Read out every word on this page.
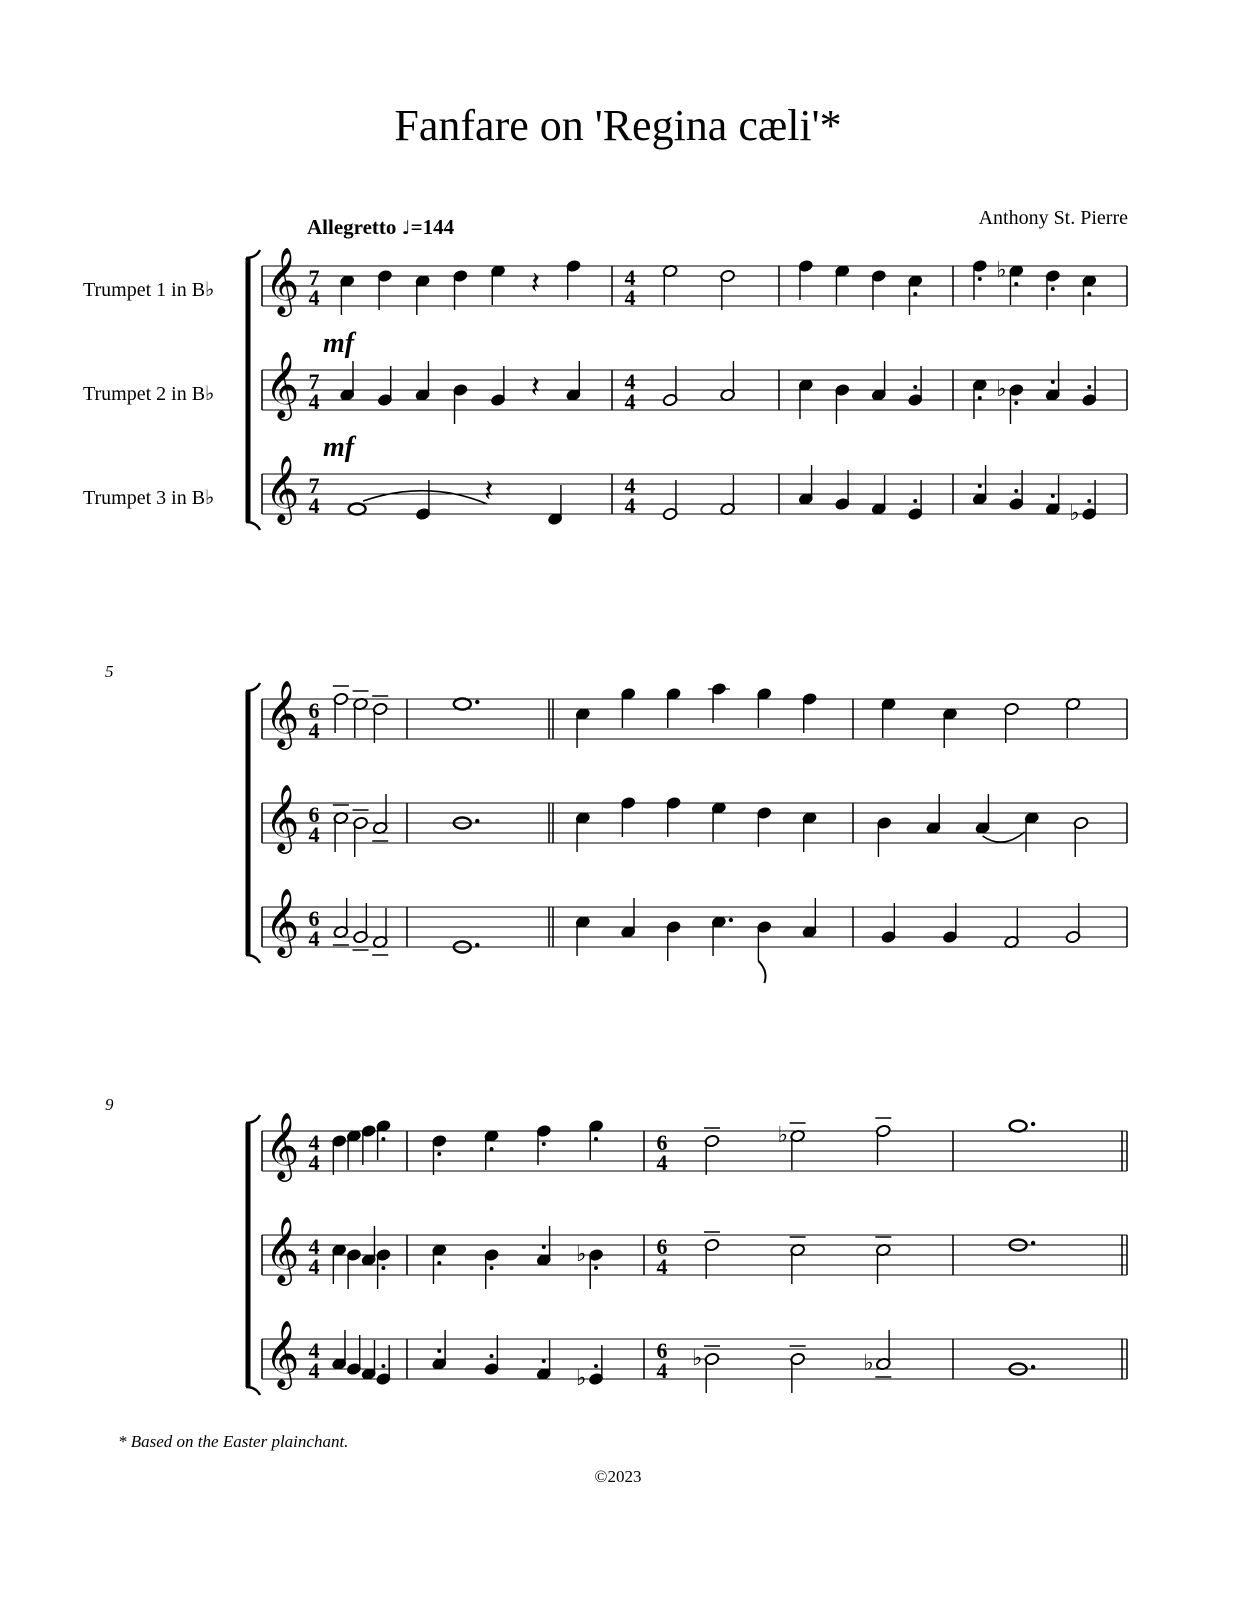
Fanfare on 'Regina cæli'*
Anthony St. Pierre
Allegretto ♩=144
Trumpet 1 in B♭
Trumpet 2 in B♭
Trumpet 3 in B♭
mf
mf
5
9
𝄞 7
4	𝄽	4
4
♭
𝄞 7
4	𝄽	4
4
♭
𝄞 7
4	𝄽	4
4	♭
𝄞 6
4
𝄞 6
4
𝄞 6
4
𝄞 4
4
6
4
♭
𝄞 4
4
♭	6
4
𝄞 4
4	♭
6
4
♭	♭
* Based on the Easter plainchant.
©2023
